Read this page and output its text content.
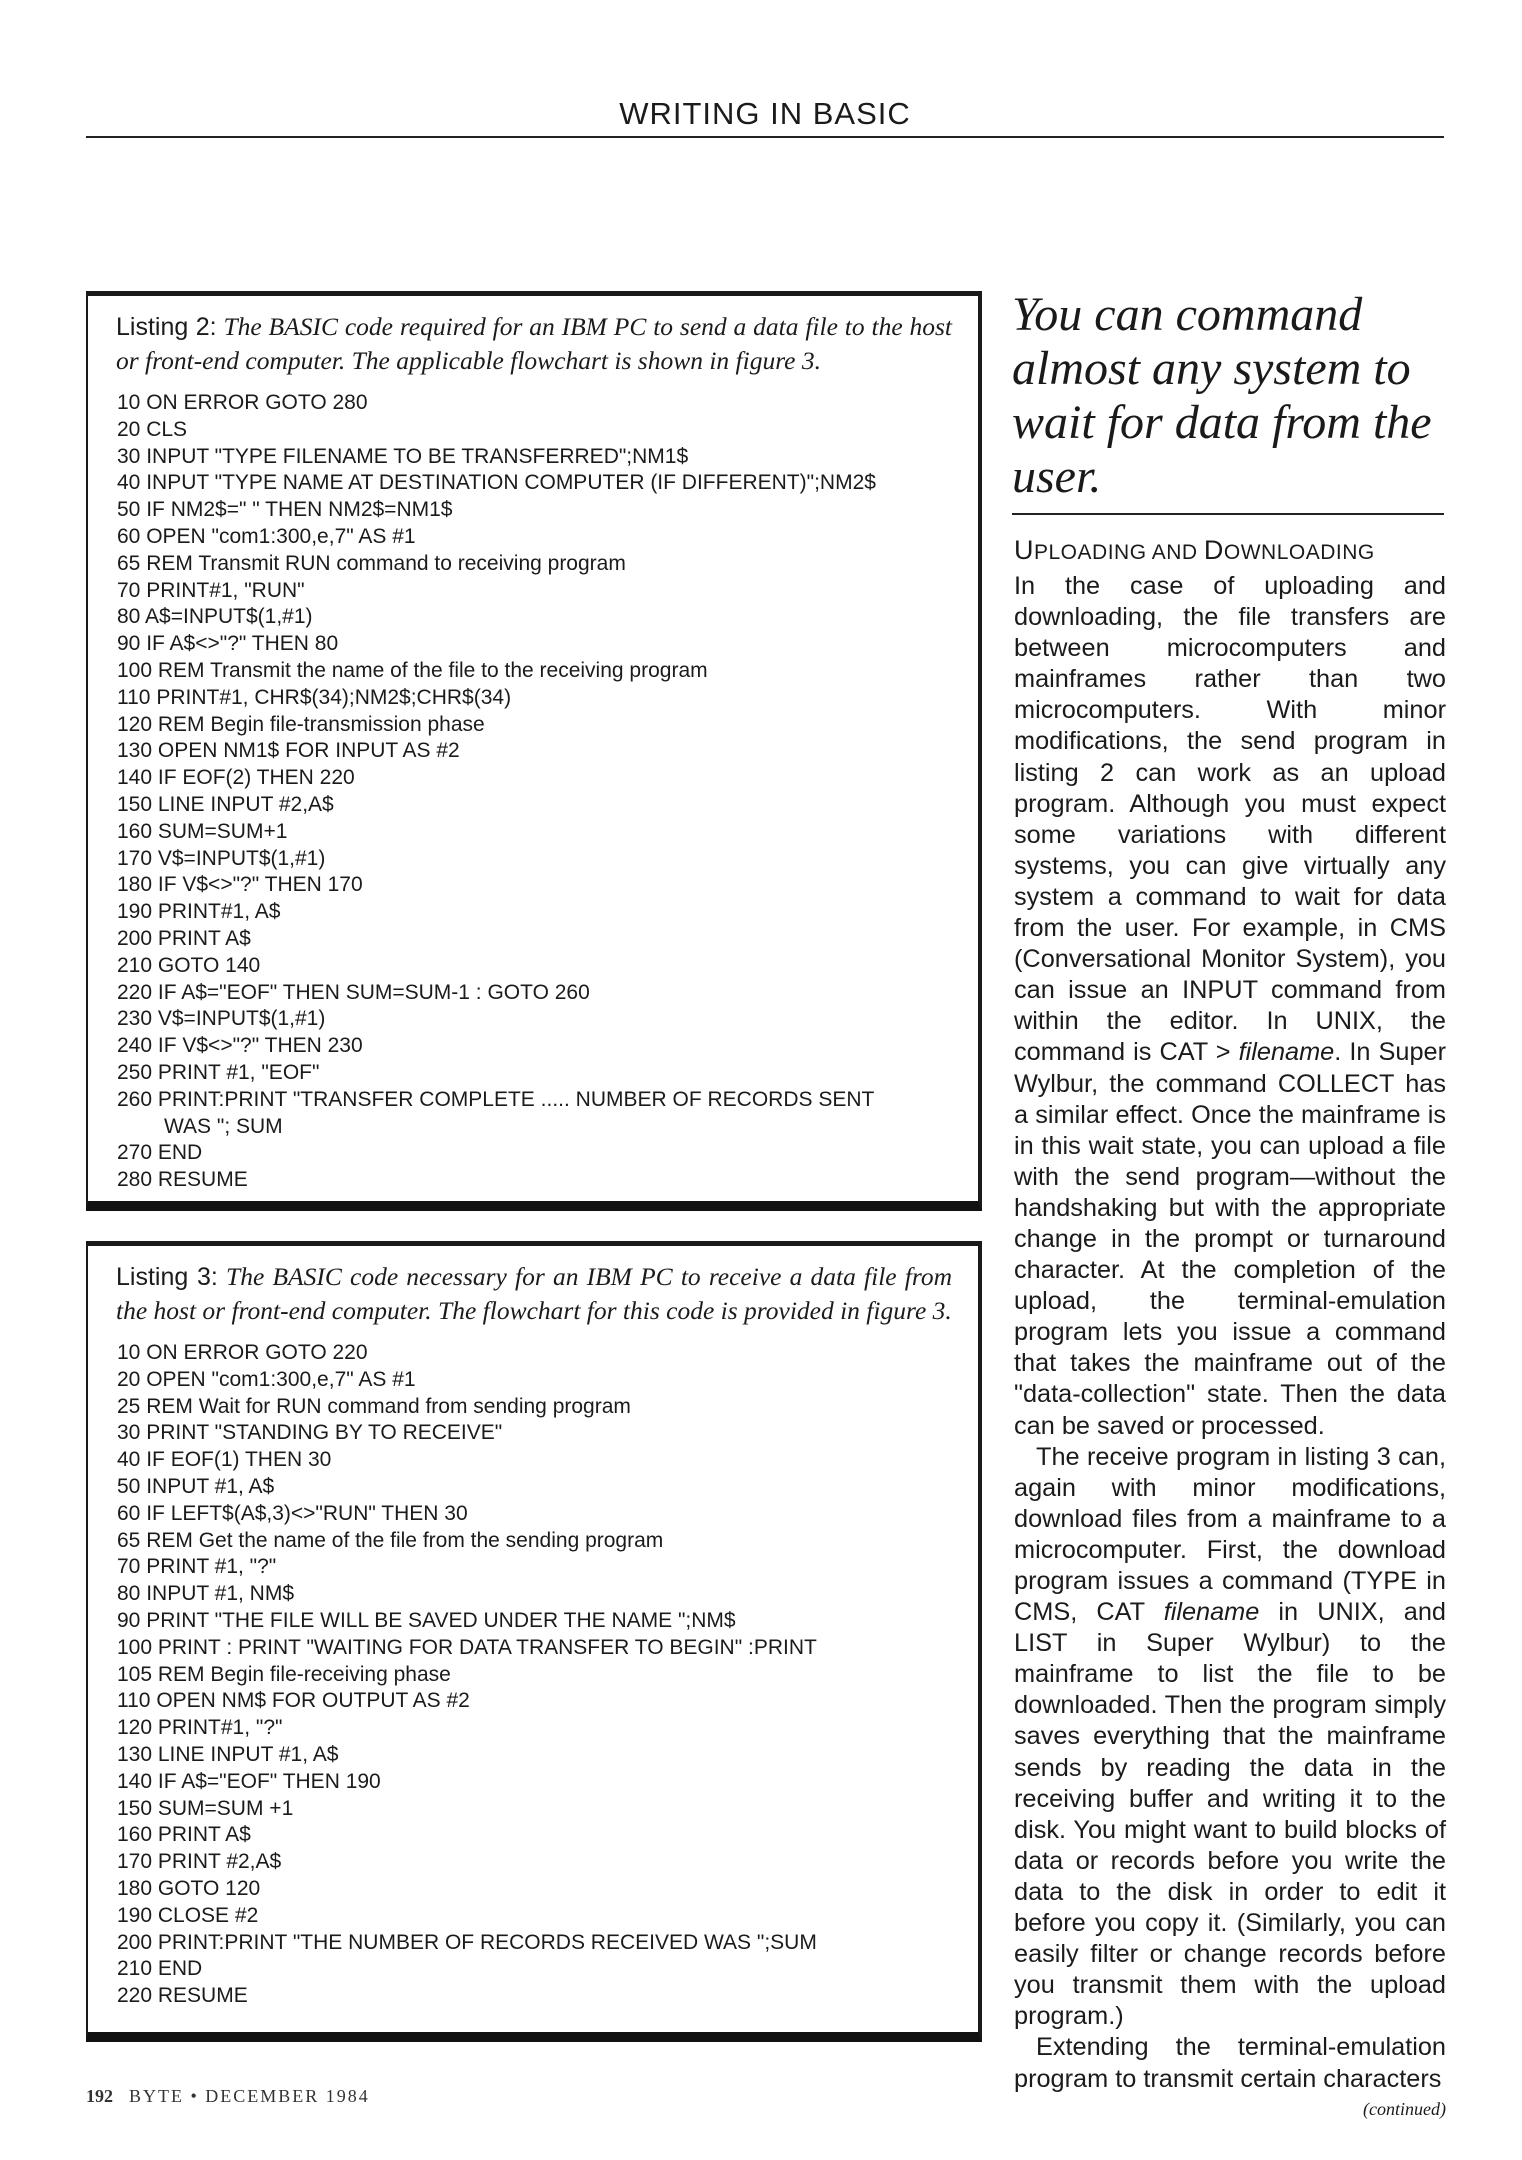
WRITING IN BASIC
Listing 2: The BASIC code required for an IBM PC to send a data file to the host or front-end computer. The applicable flowchart is shown in figure 3.
10 ON ERROR GOTO 280
20 CLS
30 INPUT "TYPE FILENAME TO BE TRANSFERRED";NM1$
40 INPUT "TYPE NAME AT DESTINATION COMPUTER (IF DIFFERENT)";NM2$
50 IF NM2$=" " THEN NM2$=NM1$
60 OPEN "com1:300,e,7" AS #1
65 REM Transmit RUN command to receiving program
70 PRINT#1, "RUN"
80 A$=INPUT$(1,#1)
90 IF A$<>"?" THEN 80
100 REM Transmit the name of the file to the receiving program
110 PRINT#1, CHR$(34);NM2$;CHR$(34)
120 REM Begin file-transmission phase
130 OPEN NM1$ FOR INPUT AS #2
140 IF EOF(2) THEN 220
150 LINE INPUT #2,A$
160 SUM=SUM+1
170 V$=INPUT$(1,#1)
180 IF V$<>"?" THEN 170
190 PRINT#1, A$
200 PRINT A$
210 GOTO 140
220 IF A$="EOF" THEN SUM=SUM-1 : GOTO 260
230 V$=INPUT$(1,#1)
240 IF V$<>"?" THEN 230
250 PRINT #1, "EOF"
260 PRINT:PRINT "TRANSFER COMPLETE ..... NUMBER OF RECORDS SENT
WAS "; SUM
270 END
280 RESUME
Listing 3: The BASIC code necessary for an IBM PC to receive a data file from the host or front-end computer. The flowchart for this code is provided in figure 3.
10 ON ERROR GOTO 220
20 OPEN "com1:300,e,7" AS #1
25 REM Wait for RUN command from sending program
30 PRINT "STANDING BY TO RECEIVE"
40 IF EOF(1) THEN 30
50 INPUT #1, A$
60 IF LEFT$(A$,3)<>"RUN" THEN 30
65 REM Get the name of the file from the sending program
70 PRINT #1, "?"
80 INPUT #1, NM$
90 PRINT "THE FILE WILL BE SAVED UNDER THE NAME ";NM$
100 PRINT : PRINT "WAITING FOR DATA TRANSFER TO BEGIN" :PRINT
105 REM Begin file-receiving phase
110 OPEN NM$ FOR OUTPUT AS #2
120 PRINT#1, "?"
130 LINE INPUT #1, A$
140 IF A$="EOF" THEN 190
150 SUM=SUM +1
160 PRINT A$
170 PRINT #2,A$
180 GOTO 120
190 CLOSE #2
200 PRINT:PRINT "THE NUMBER OF RECORDS RECEIVED WAS ";SUM
210 END
220 RESUME
You can command almost any system to wait for data from the user.
UPLOADING AND DOWNLOADING

In the case of uploading and downloading, the file transfers are between microcomputers and mainframes rather than two microcomputers. With minor modifications, the send program in listing 2 can work as an upload program. Although you must expect some variations with different systems, you can give virtually any system a command to wait for data from the user. For example, in CMS (Conversational Monitor System), you can issue an INPUT command from within the editor. In UNIX, the command is CAT > filename. In Super Wylbur, the command COLLECT has a similar effect. Once the mainframe is in this wait state, you can upload a file with the send program—without the handshaking but with the appropriate change in the prompt or turnaround character. At the completion of the upload, the terminal-emulation program lets you issue a command that takes the mainframe out of the "data-collection" state. Then the data can be saved or processed.

The receive program in listing 3 can, again with minor modifications, download files from a mainframe to a microcomputer. First, the download program issues a command (TYPE in CMS, CAT filename in UNIX, and LIST in Super Wylbur) to the mainframe to list the file to be downloaded. Then the program simply saves everything that the mainframe sends by reading the data in the receiving buffer and writing it to the disk. You might want to build blocks of data or records before you write the data to the disk in order to edit it before you copy it. (Similarly, you can easily filter or change records before you transmit them with the upload program.)

Extending the terminal-emulation program to transmit certain characters

(continued)
192 BYTE • DECEMBER 1984
